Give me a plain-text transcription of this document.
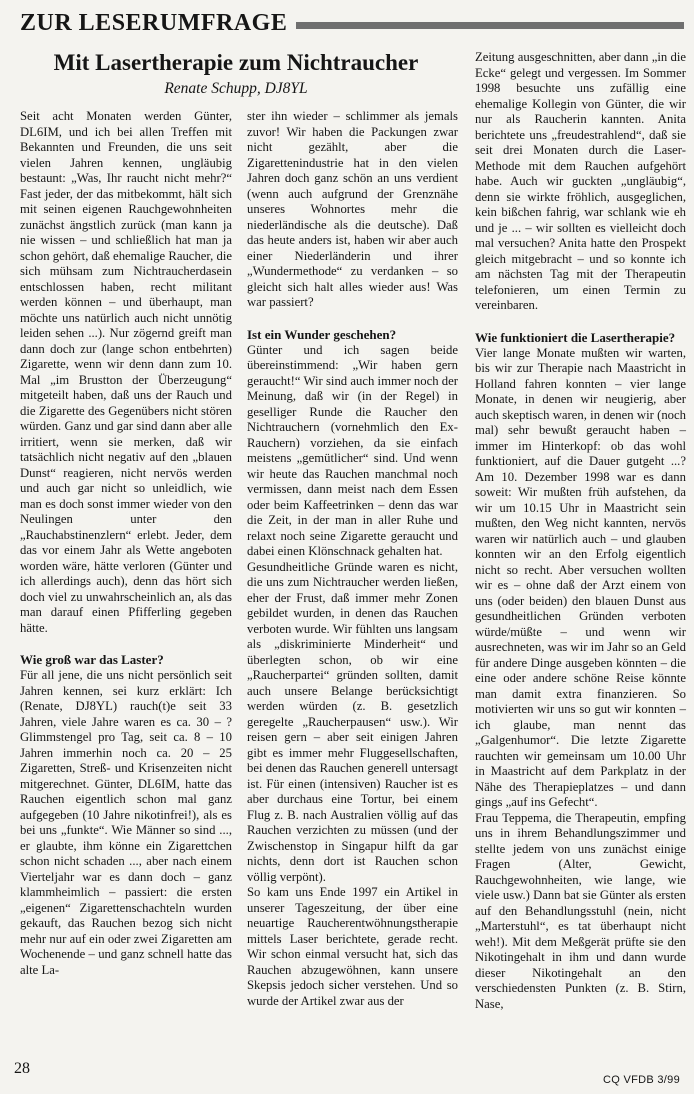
ZUR LESERUMFRAGE
Mit Lasertherapie zum Nichtraucher
Renate Schupp, DJ8YL

Seit acht Monaten werden Günter, DL6IM, und ich bei allen Treffen mit Bekannten und Freunden, die uns seit vielen Jahren kennen, ungläubig bestaunt: „Was, Ihr raucht nicht mehr?“ Fast jeder, der das mitbekommt, hält sich mit seinen eigenen Rauchgewohnheiten zunächst ängstlich zurück (man kann ja nie wissen – und schließlich hat man ja schon gehört, daß ehemalige Raucher, die sich mühsam zum Nichtraucherdasein entschlossen haben, recht militant werden können – und überhaupt, man möchte uns natürlich auch nicht unnötig leiden sehen ...). Nur zögernd greift man dann doch zur (lange schon entbehrten) Zigarette, wenn wir denn dann zum 10. Mal „im Brustton der Überzeugung“ mitgeteilt haben, daß uns der Rauch und die Zigarette des Gegenübers nicht stören würden. Ganz und gar sind dann aber alle irritiert, wenn sie merken, daß wir tatsächlich nicht negativ auf den „blauen Dunst“ reagieren, nicht nervös werden und auch gar nicht so unleidlich, wie man es doch sonst immer wieder von den Neulingen unter den „Rauchabstinenzlern“ erlebt. Jeder, dem das vor einem Jahr als Wette angeboten worden wäre, hätte verloren (Günter und ich allerdings auch), denn das hört sich doch viel zu unwahrscheinlich an, als das man darauf einen Pfifferling gegeben hätte.

Wie groß war das Laster?

Für all jene, die uns nicht persönlich seit Jahren kennen, sei kurz erklärt: Ich (Renate, DJ8YL) rauch(t)e seit 33 Jahren, viele Jahre waren es ca. 30 – ? Glimmstengel pro Tag, seit ca. 8 – 10 Jahren immerhin noch ca. 20 – 25 Zigaretten, Streß- und Krisenzeiten nicht mitgerechnet. Günter, DL6IM, hatte das Rauchen eigentlich schon mal ganz aufgegeben (10 Jahre nikotinfrei!), als es bei uns „funkte“. Wie Männer so sind ..., er glaubte, ihm könne ein Zigarettchen schon nicht schaden ..., aber nach einem Vierteljahr war es dann doch – ganz klammheimlich – passiert: die ersten „eigenen“ Zigarettenschachteln wurden gekauft, das Rauchen bezog sich nicht mehr nur auf ein oder zwei Zigaretten am Wochenende – und ganz schnell hatte das alte La-

ster ihn wieder – schlimmer als jemals zuvor! Wir haben die Packungen zwar nicht gezählt, aber die Zigarettenindustrie hat in den vielen Jahren doch ganz schön an uns verdient (wenn auch aufgrund der Grenznähe unseres Wohnortes mehr die niederländische als die deutsche). Daß das heute anders ist, haben wir aber auch einer Niederländerin und ihrer „Wundermethode“ zu verdanken – so gleicht sich halt alles wieder aus! Was war passiert?

Ist ein Wunder geschehen?

Günter und ich sagen beide übereinstimmend: „Wir haben gern geraucht!“ Wir sind auch immer noch der Meinung, daß wir (in der Regel) in geselliger Runde die Raucher den Nichtrauchern (vornehmlich den Ex-Rauchern) vorziehen, da sie einfach meistens „gemütlicher“ sind. Und wenn wir heute das Rauchen manchmal noch vermissen, dann meist nach dem Essen oder beim Kaffeetrinken – denn das war die Zeit, in der man in aller Ruhe und relaxt noch seine Zigarette geraucht und dabei einen Klönschnack gehalten hat.

Gesundheitliche Gründe waren es nicht, die uns zum Nichtraucher werden ließen, eher der Frust, daß immer mehr Zonen gebildet wurden, in denen das Rauchen verboten wurde. Wir fühlten uns langsam als „diskriminierte Minderheit“ und überlegten schon, ob wir eine „Raucherpartei“ gründen sollten, damit auch unsere Belange berücksichtigt werden würden (z. B. gesetzlich geregelte „Raucherpausen“ usw.). Wir reisen gern – aber seit einigen Jahren gibt es immer mehr Fluggesellschaften, bei denen das Rauchen generell untersagt ist. Für einen (intensiven) Raucher ist es aber durchaus eine Tortur, bei einem Flug z. B. nach Australien völlig auf das Rauchen verzichten zu müssen (und der Zwischenstop in Singapur hilft da gar nichts, denn dort ist Rauchen schon völlig verpönt).

So kam uns Ende 1997 ein Artikel in unserer Tageszeitung, der über eine neuartige Raucherentwöhnungstherapie mittels Laser berichtete, gerade recht. Wir schon einmal versucht hat, sich das Rauchen abzugewöhnen, kann unsere Skepsis jedoch sicher verstehen. Und so wurde der Artikel zwar aus der

Zeitung ausgeschnitten, aber dann „in die Ecke“ gelegt und vergessen. Im Sommer 1998 besuchte uns zufällig eine ehemalige Kollegin von Günter, die wir nur als Raucherin kannten. Anita berichtete uns „freudestrahlend“, daß sie seit drei Monaten durch die Laser-Methode mit dem Rauchen aufgehört habe. Auch wir guckten „ungläubig“, denn sie wirkte fröhlich, ausgeglichen, kein bißchen fahrig, war schlank wie eh und je ... – wir sollten es vielleicht doch mal versuchen? Anita hatte den Prospekt gleich mitgebracht – und so konnte ich am nächsten Tag mit der Therapeutin telefonieren, um einen Termin zu vereinbaren.

Wie funktioniert die Lasertherapie?

Vier lange Monate mußten wir warten, bis wir zur Therapie nach Maastricht in Holland fahren konnten – vier lange Monate, in denen wir neugierig, aber auch skeptisch waren, in denen wir (noch mal) sehr bewußt geraucht haben – immer im Hinterkopf: ob das wohl funktioniert, auf die Dauer gutgeht ...? Am 10. Dezember 1998 war es dann soweit: Wir mußten früh aufstehen, da wir um 10.15 Uhr in Maastricht sein mußten, den Weg nicht kannten, nervös waren wir natürlich auch – und glauben konnten wir an den Erfolg eigentlich nicht so recht. Aber versuchen wollten wir es – ohne daß der Arzt einem von uns (oder beiden) den blauen Dunst aus gesundheitlichen Gründen verboten würde/müßte – und wenn wir ausrechneten, was wir im Jahr so an Geld für andere Dinge ausgeben könnten – die eine oder andere schöne Reise könnte man damit extra finanzieren. So motivierten wir uns so gut wir konnten – ich glaube, man nennt das „Galgenhumor“. Die letzte Zigarette rauchten wir gemeinsam um 10.00 Uhr in Maastricht auf dem Parkplatz in der Nähe des Therapieplatzes – und dann gings „auf ins Gefecht“.

Frau Teppema, die Therapeutin, empfing uns in ihrem Behandlungszimmer und stellte jedem von uns zunächst einige Fragen (Alter, Gewicht, Rauchgewohnheiten, wie lange, wie viele usw.) Dann bat sie Günter als ersten auf den Behandlungsstuhl (nein, nicht „Marterstuhl“, es tat überhaupt nicht weh!). Mit dem Meßgerät prüfte sie den Nikotingehalt in ihm und dann wurde dieser Nikotingehalt an den verschiedensten Punkten (z. B. Stirn, Nase,

28
CQ VFDB 3/99
